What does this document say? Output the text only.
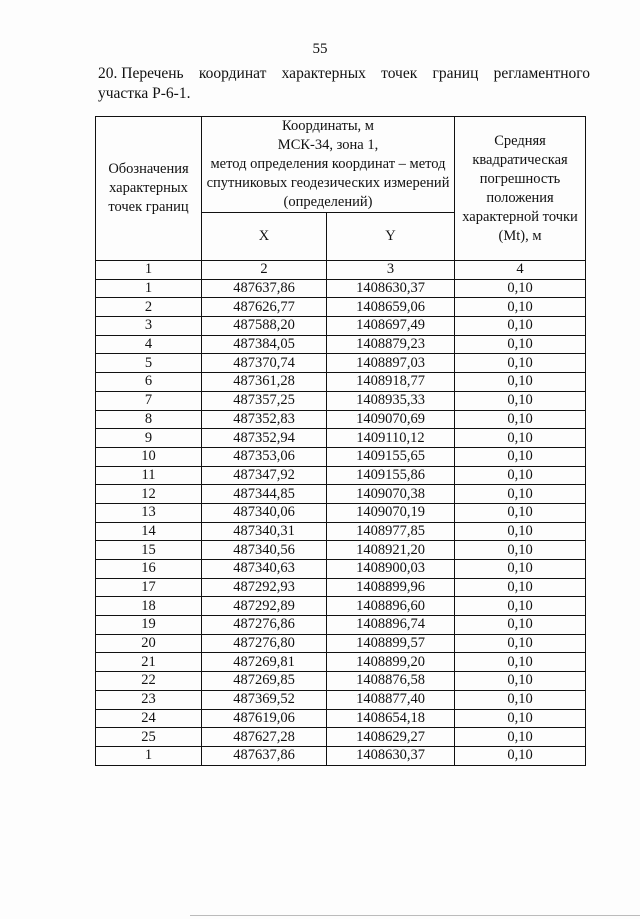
55
20. Перечень координат характерных точек границ регламентного
участка Р-6-1.
Обозначения характерных точек границ	Координаты, м
МСК-34, зона 1,
метод определения координат – метод
спутниковых геодезических измерений
(определений)		Средняя квадратическая погрешность положения характерной точки (Mt), м
	X	Y	
1	2	3	4
1	487637,86	1408630,37	0,10
2	487626,77	1408659,06	0,10
3	487588,20	1408697,49	0,10
4	487384,05	1408879,23	0,10
5	487370,74	1408897,03	0,10
6	487361,28	1408918,77	0,10
7	487357,25	1408935,33	0,10
8	487352,83	1409070,69	0,10
9	487352,94	1409110,12	0,10
10	487353,06	1409155,65	0,10
11	487347,92	1409155,86	0,10
12	487344,85	1409070,38	0,10
13	487340,06	1409070,19	0,10
14	487340,31	1408977,85	0,10
15	487340,56	1408921,20	0,10
16	487340,63	1408900,03	0,10
17	487292,93	1408899,96	0,10
18	487292,89	1408896,60	0,10
19	487276,86	1408896,74	0,10
20	487276,80	1408899,57	0,10
21	487269,81	1408899,20	0,10
22	487269,85	1408876,58	0,10
23	487369,52	1408877,40	0,10
24	487619,06	1408654,18	0,10
25	487627,28	1408629,27	0,10
1	487637,86	1408630,37	0,10
